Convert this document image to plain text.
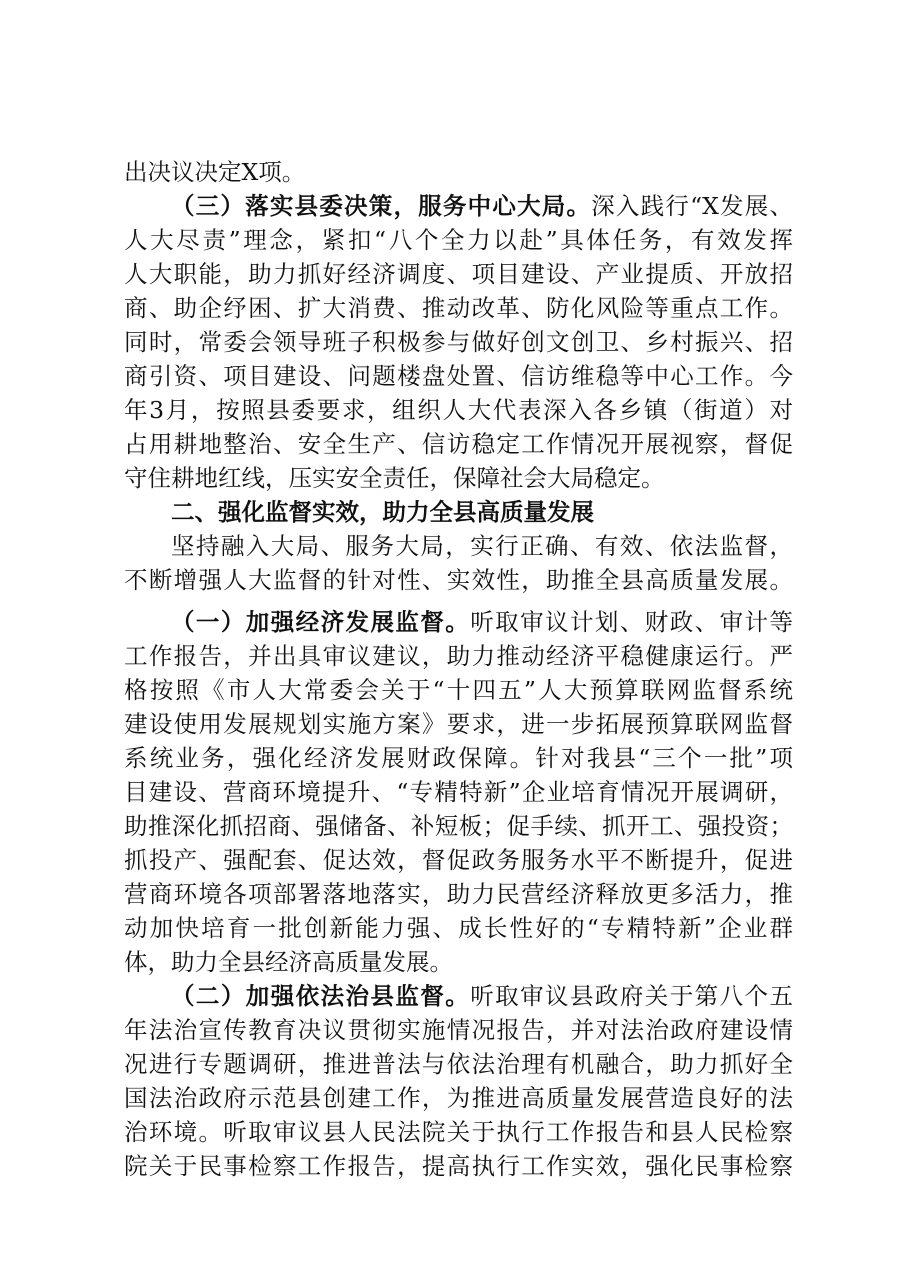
出决议决定X项。

（三）落实县委决策，服务中心大局。深入践行“X发展、

人大尽责”理念，紧扣“八个全力以赴”具体任务，有效发挥

人大职能，助力抓好经济调度、项目建设、产业提质、开放招

商、助企纾困、扩大消费、推动改革、防化风险等重点工作。

同时，常委会领导班子积极参与做好创文创卫、乡村振兴、招

商引资、项目建设、问题楼盘处置、信访维稳等中心工作。今

年3月，按照县委要求，组织人大代表深入各乡镇（街道）对

占用耕地整治、安全生产、信访稳定工作情况开展视察，督促

守住耕地红线，压实安全责任，保障社会大局稳定。

二、强化监督实效，助力全县高质量发展

坚持融入大局、服务大局，实行正确、有效、依法监督，

不断增强人大监督的针对性、实效性，助推全县高质量发展。

（一）加强经济发展监督。听取审议计划、财政、审计等

工作报告，并出具审议建议，助力推动经济平稳健康运行。严

格按照《市人大常委会关于“十四五”人大预算联网监督系统

建设使用发展规划实施方案》要求，进一步拓展预算联网监督

系统业务，强化经济发展财政保障。针对我县“三个一批”项

目建设、营商环境提升、“专精特新”企业培育情况开展调研，

助推深化抓招商、强储备、补短板；促手续、抓开工、强投资；

抓投产、强配套、促达效，督促政务服务水平不断提升，促进

营商环境各项部署落地落实，助力民营经济释放更多活力，推

动加快培育一批创新能力强、成长性好的“专精特新”企业群

体，助力全县经济高质量发展。

（二）加强依法治县监督。听取审议县政府关于第八个五

年法治宣传教育决议贯彻实施情况报告，并对法治政府建设情

况进行专题调研，推进普法与依法治理有机融合，助力抓好全

国法治政府示范县创建工作，为推进高质量发展营造良好的法

治环境。听取审议县人民法院关于执行工作报告和县人民检察

院关于民事检察工作报告，提高执行工作实效，强化民事检察
